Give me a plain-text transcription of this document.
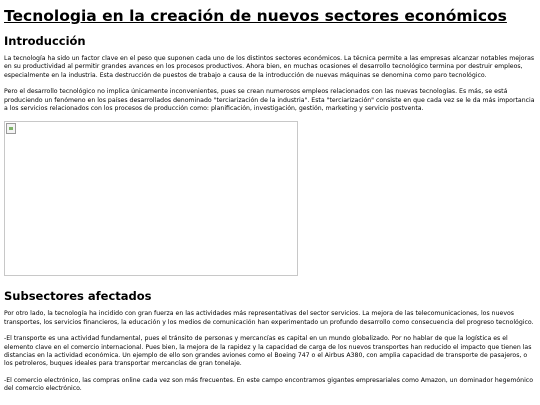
Tecnologia en la creación de nuevos sectores económicos
Introducción

La tecnología ha sido un factor clave en el peso que suponen cada uno de los distintos sectores económicos. La técnica permite a las empresas alcanzar notables mejoras en su productividad al permitir grandes avances en los procesos productivos. Ahora bien, en muchas ocasiones el desarrollo tecnológico termina por destruir empleos, especialmente en la industria. Esta destrucción de puestos de trabajo a causa de la introducción de nuevas máquinas se denomina como paro tecnológico.

Pero el desarrollo tecnológico no implica únicamente inconvenientes, pues se crean numerosos empleos relacionados con las nuevas tecnologías. Es más, se está produciendo un fenómeno en los países desarrollados denominado "terciarización de la industria". Esta "terciarización" consiste en que cada vez se le da más importancia a los servicios relacionados con los procesos de producción como: planificación, investigación, gestión, marketing y servicio postventa.

Subsectores afectados

Por otro lado, la tecnología ha incidido con gran fuerza en las actividades más representativas del sector servicios. La mejora de las telecomunicaciones, los nuevos transportes, los servicios financieros, la educación y los medios de comunicación han experimentado un profundo desarrollo como consecuencia del progreso tecnológico.

-El transporte es una actividad fundamental, pues el tránsito de personas y mercancías es capital en un mundo globalizado. Por no hablar de que la logística es el elemento clave en el comercio internacional. Pues bien, la mejora de la rapidez y la capacidad de carga de los nuevos transportes han reducido el impacto que tienen las distancias en la actividad económica. Un ejemplo de ello son grandes aviones como el Boeing 747 o el Airbus A380, con amplia capacidad de transporte de pasajeros, o los petroleros, buques ideales para transportar mercancías de gran tonelaje.

-El comercio electrónico, las compras online cada vez son más frecuentes. En este campo encontramos gigantes empresariales como Amazon, un dominador hegemónico del comercio electrónico.
